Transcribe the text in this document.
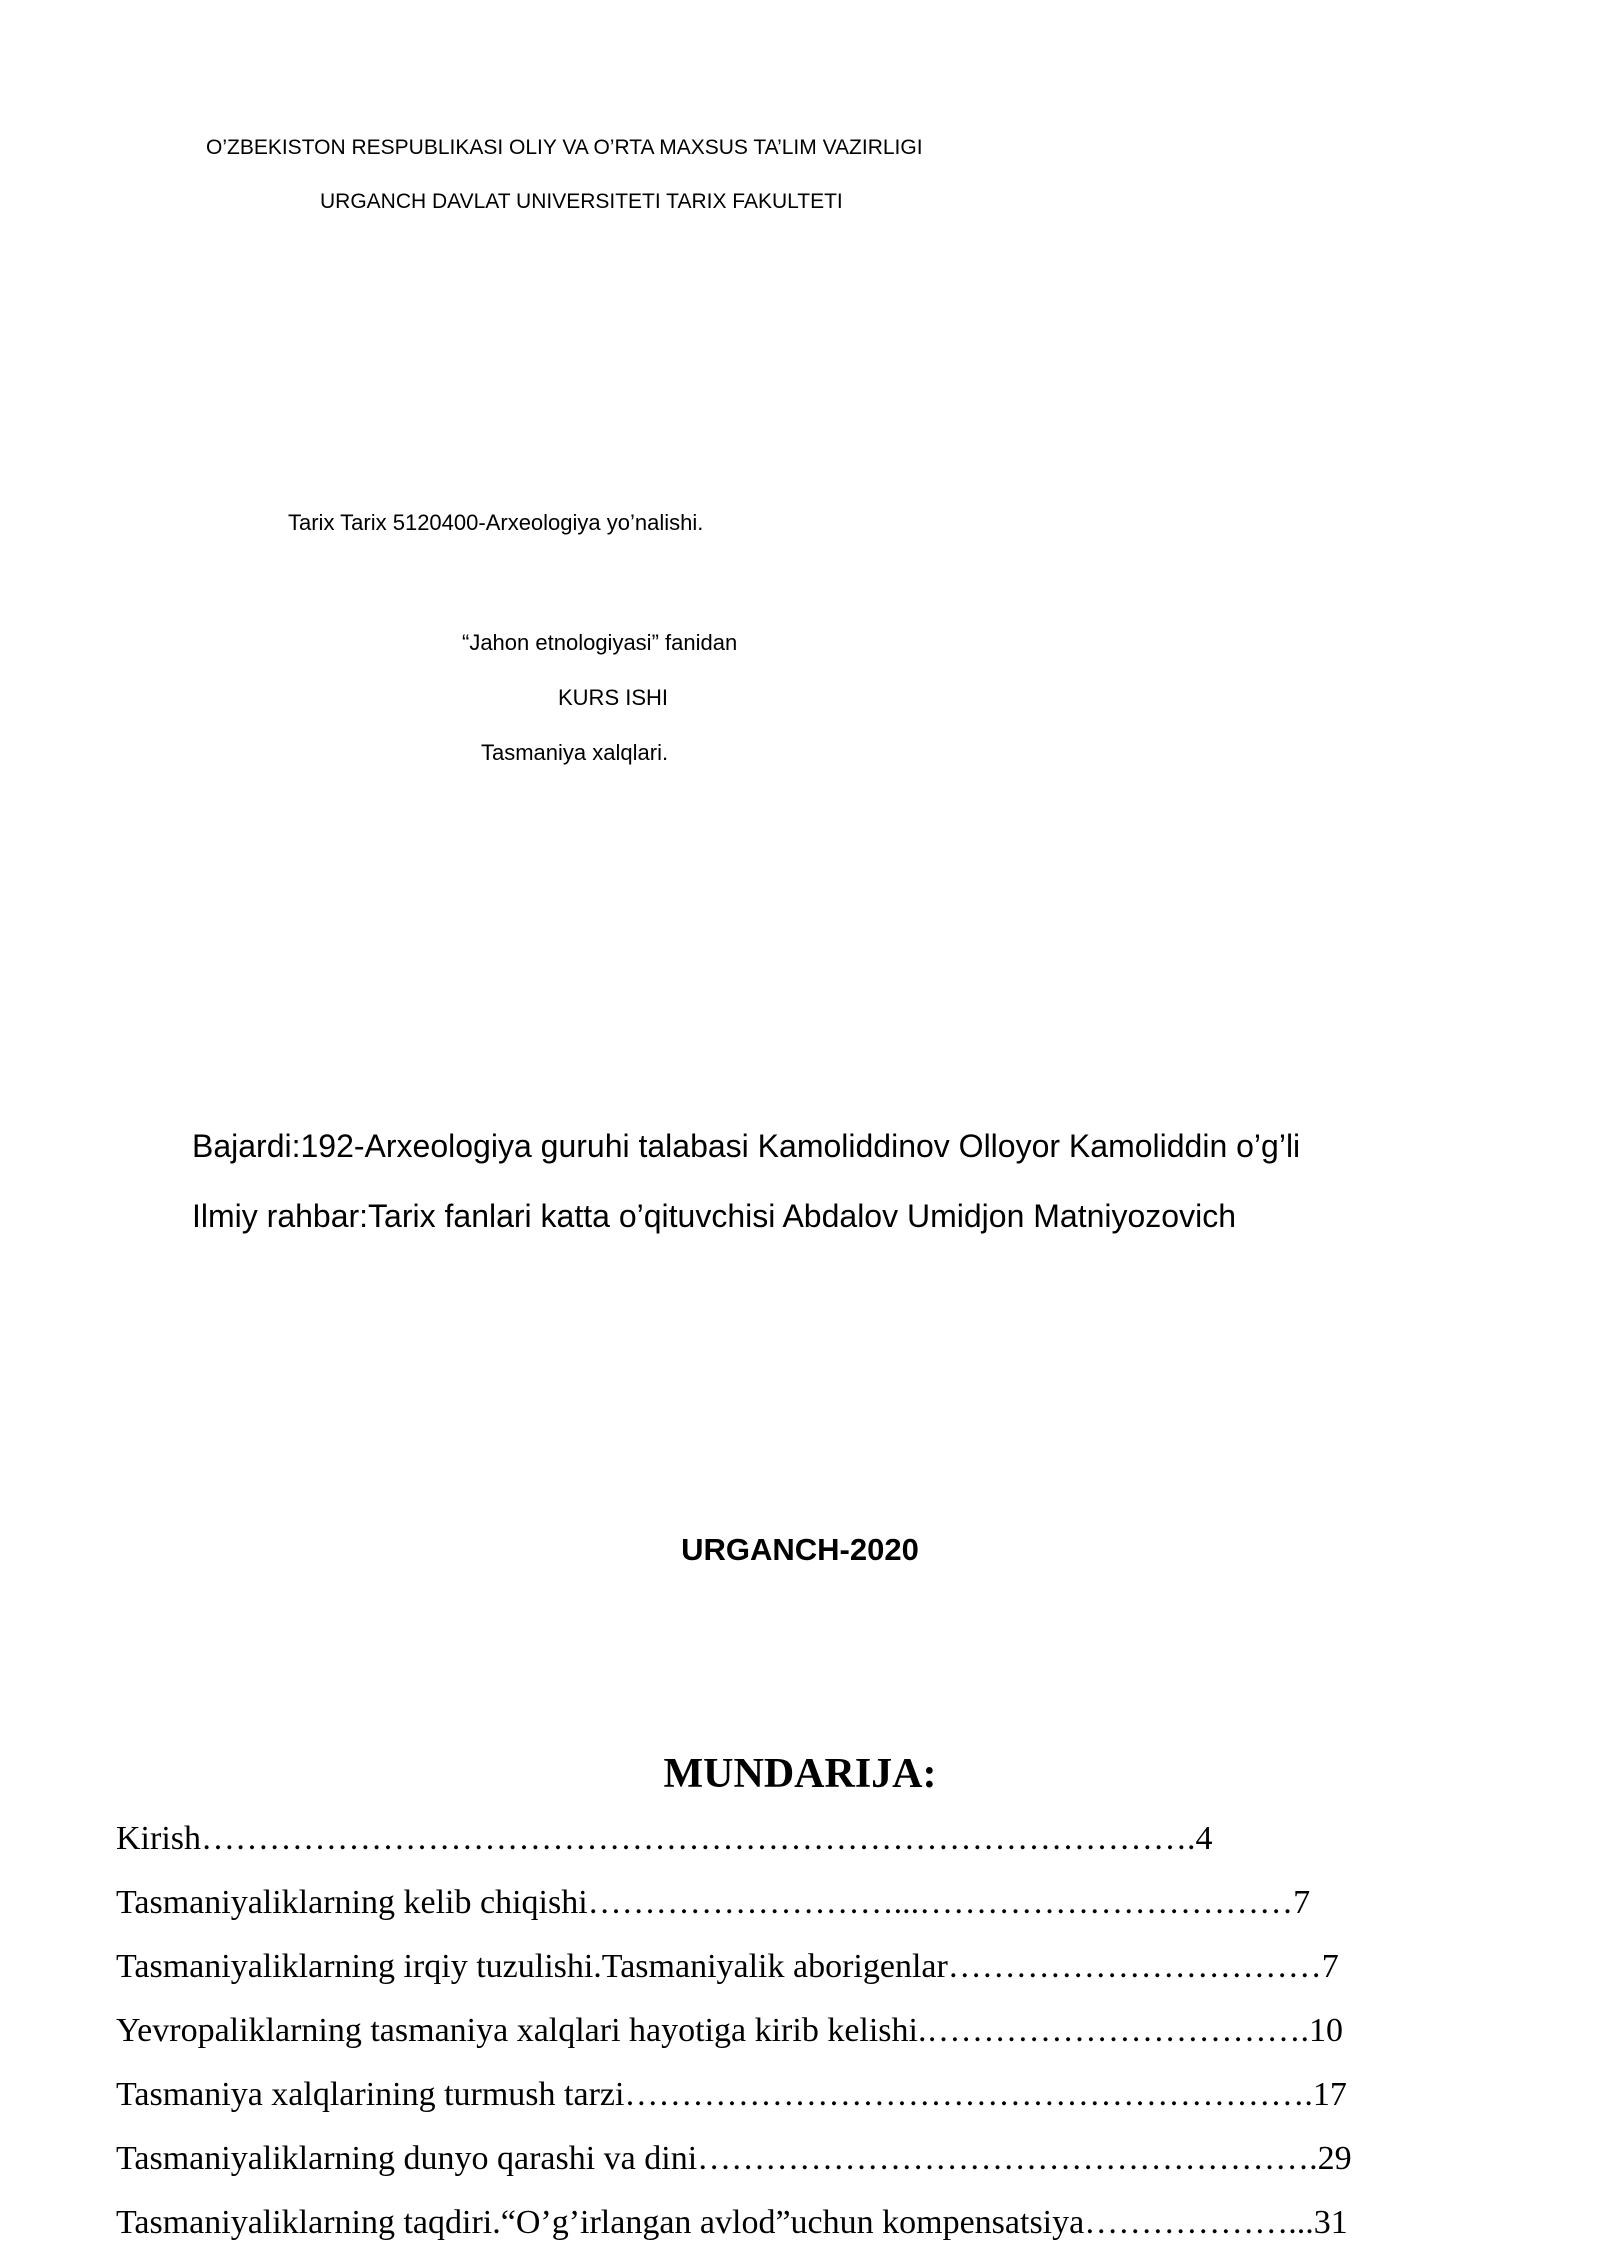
O’ZBEKISTON RESPUBLIKASI OLIY VA O’RTA MAXSUS TA’LIM VAZIRLIGI

URGANCH DAVLAT UNIVERSITETI TARIX FAKULTETI

Tarix Tarix 5120400-Arxeologiya yo’nalishi.

“Jahon etnologiyasi” fanidan

KURS ISHI

Tasmaniya xalqlari.

Bajardi:192-Arxeologiya guruhi talabasi Kamoliddinov Olloyor Kamoliddin o’g’li

Ilmiy rahbar:Tarix fanlari katta o’qituvchisi Abdalov Umidjon Matniyozovich

URGANCH-2020

MUNDARIJA:

Kirish…………………………………………………………………………….4
Tasmaniyaliklarning kelib chiqishi………………………...……………………………7
Tasmaniyaliklarning irqiy tuzulishi.Tasmaniyalik aborigenlar……………………………7
Yevropaliklarning tasmaniya xalqlari hayotiga kirib kelishi.…………………………….10
Tasmaniya xalqlarining turmush tarzi…………………………………………………….17
Tasmaniyaliklarning dunyo qarashi va dini……………………………………………….29
Tasmaniyaliklarning taqdiri.“O’g’irlangan avlod”uchun kompensatsiya………………...31
